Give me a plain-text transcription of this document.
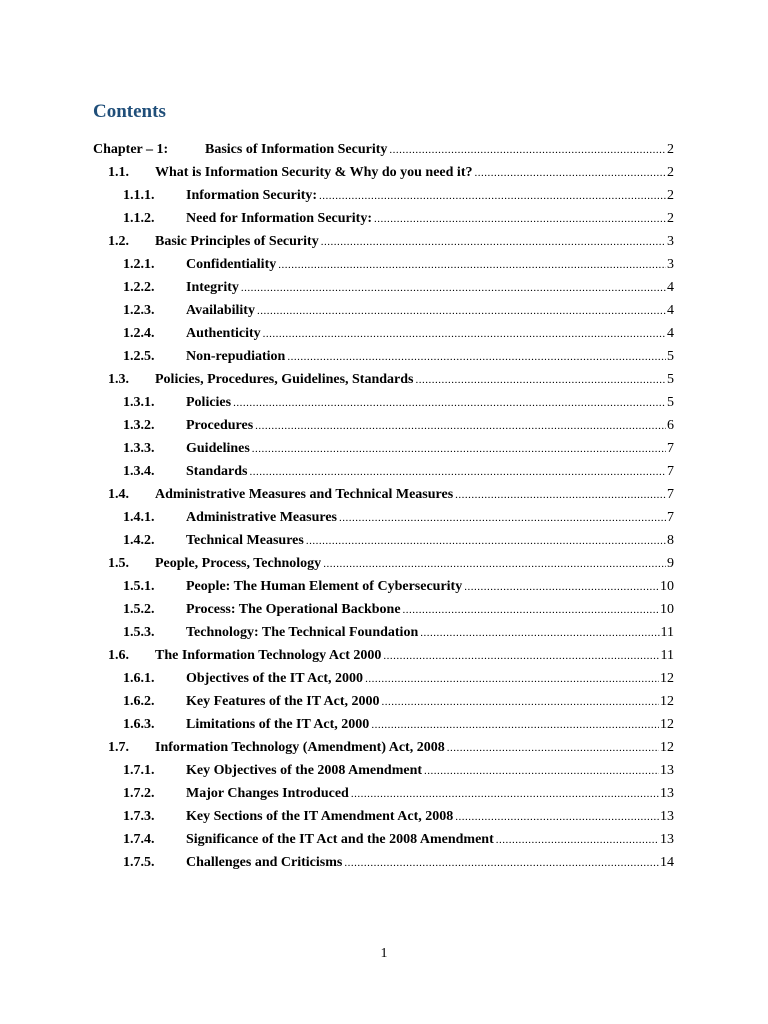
Contents
Chapter – 1:	Basics of Information Security .....	2
1.1.	What is Information Security & Why do you need it? .....	2
1.1.1.	Information Security: .....	2
1.1.2.	Need for Information Security: .....	2
1.2.	Basic Principles of Security .....	3
1.2.1.	Confidentiality .....	3
1.2.2.	Integrity .....	4
1.2.3.	Availability .....	4
1.2.4.	Authenticity .....	4
1.2.5.	Non-repudiation .....	5
1.3.	Policies, Procedures, Guidelines, Standards .....	5
1.3.1.	Policies .....	5
1.3.2.	Procedures .....	6
1.3.3.	Guidelines .....	7
1.3.4.	Standards .....	7
1.4.	Administrative Measures and Technical Measures .....	7
1.4.1.	Administrative Measures .....	7
1.4.2.	Technical Measures .....	8
1.5.	People, Process, Technology .....	9
1.5.1.	People: The Human Element of Cybersecurity .....	10
1.5.2.	Process: The Operational Backbone .....	10
1.5.3.	Technology: The Technical Foundation .....	11
1.6.	The Information Technology Act 2000 .....	11
1.6.1.	Objectives of the IT Act, 2000 .....	12
1.6.2.	Key Features of the IT Act, 2000 .....	12
1.6.3.	Limitations of the IT Act, 2000 .....	12
1.7.	Information Technology (Amendment) Act, 2008 .....	12
1.7.1.	Key Objectives of the 2008 Amendment .....	13
1.7.2.	Major Changes Introduced .....	13
1.7.3.	Key Sections of the IT Amendment Act, 2008 .....	13
1.7.4.	Significance of the IT Act and the 2008 Amendment .....	13
1.7.5.	Challenges and Criticisms .....	14
1
